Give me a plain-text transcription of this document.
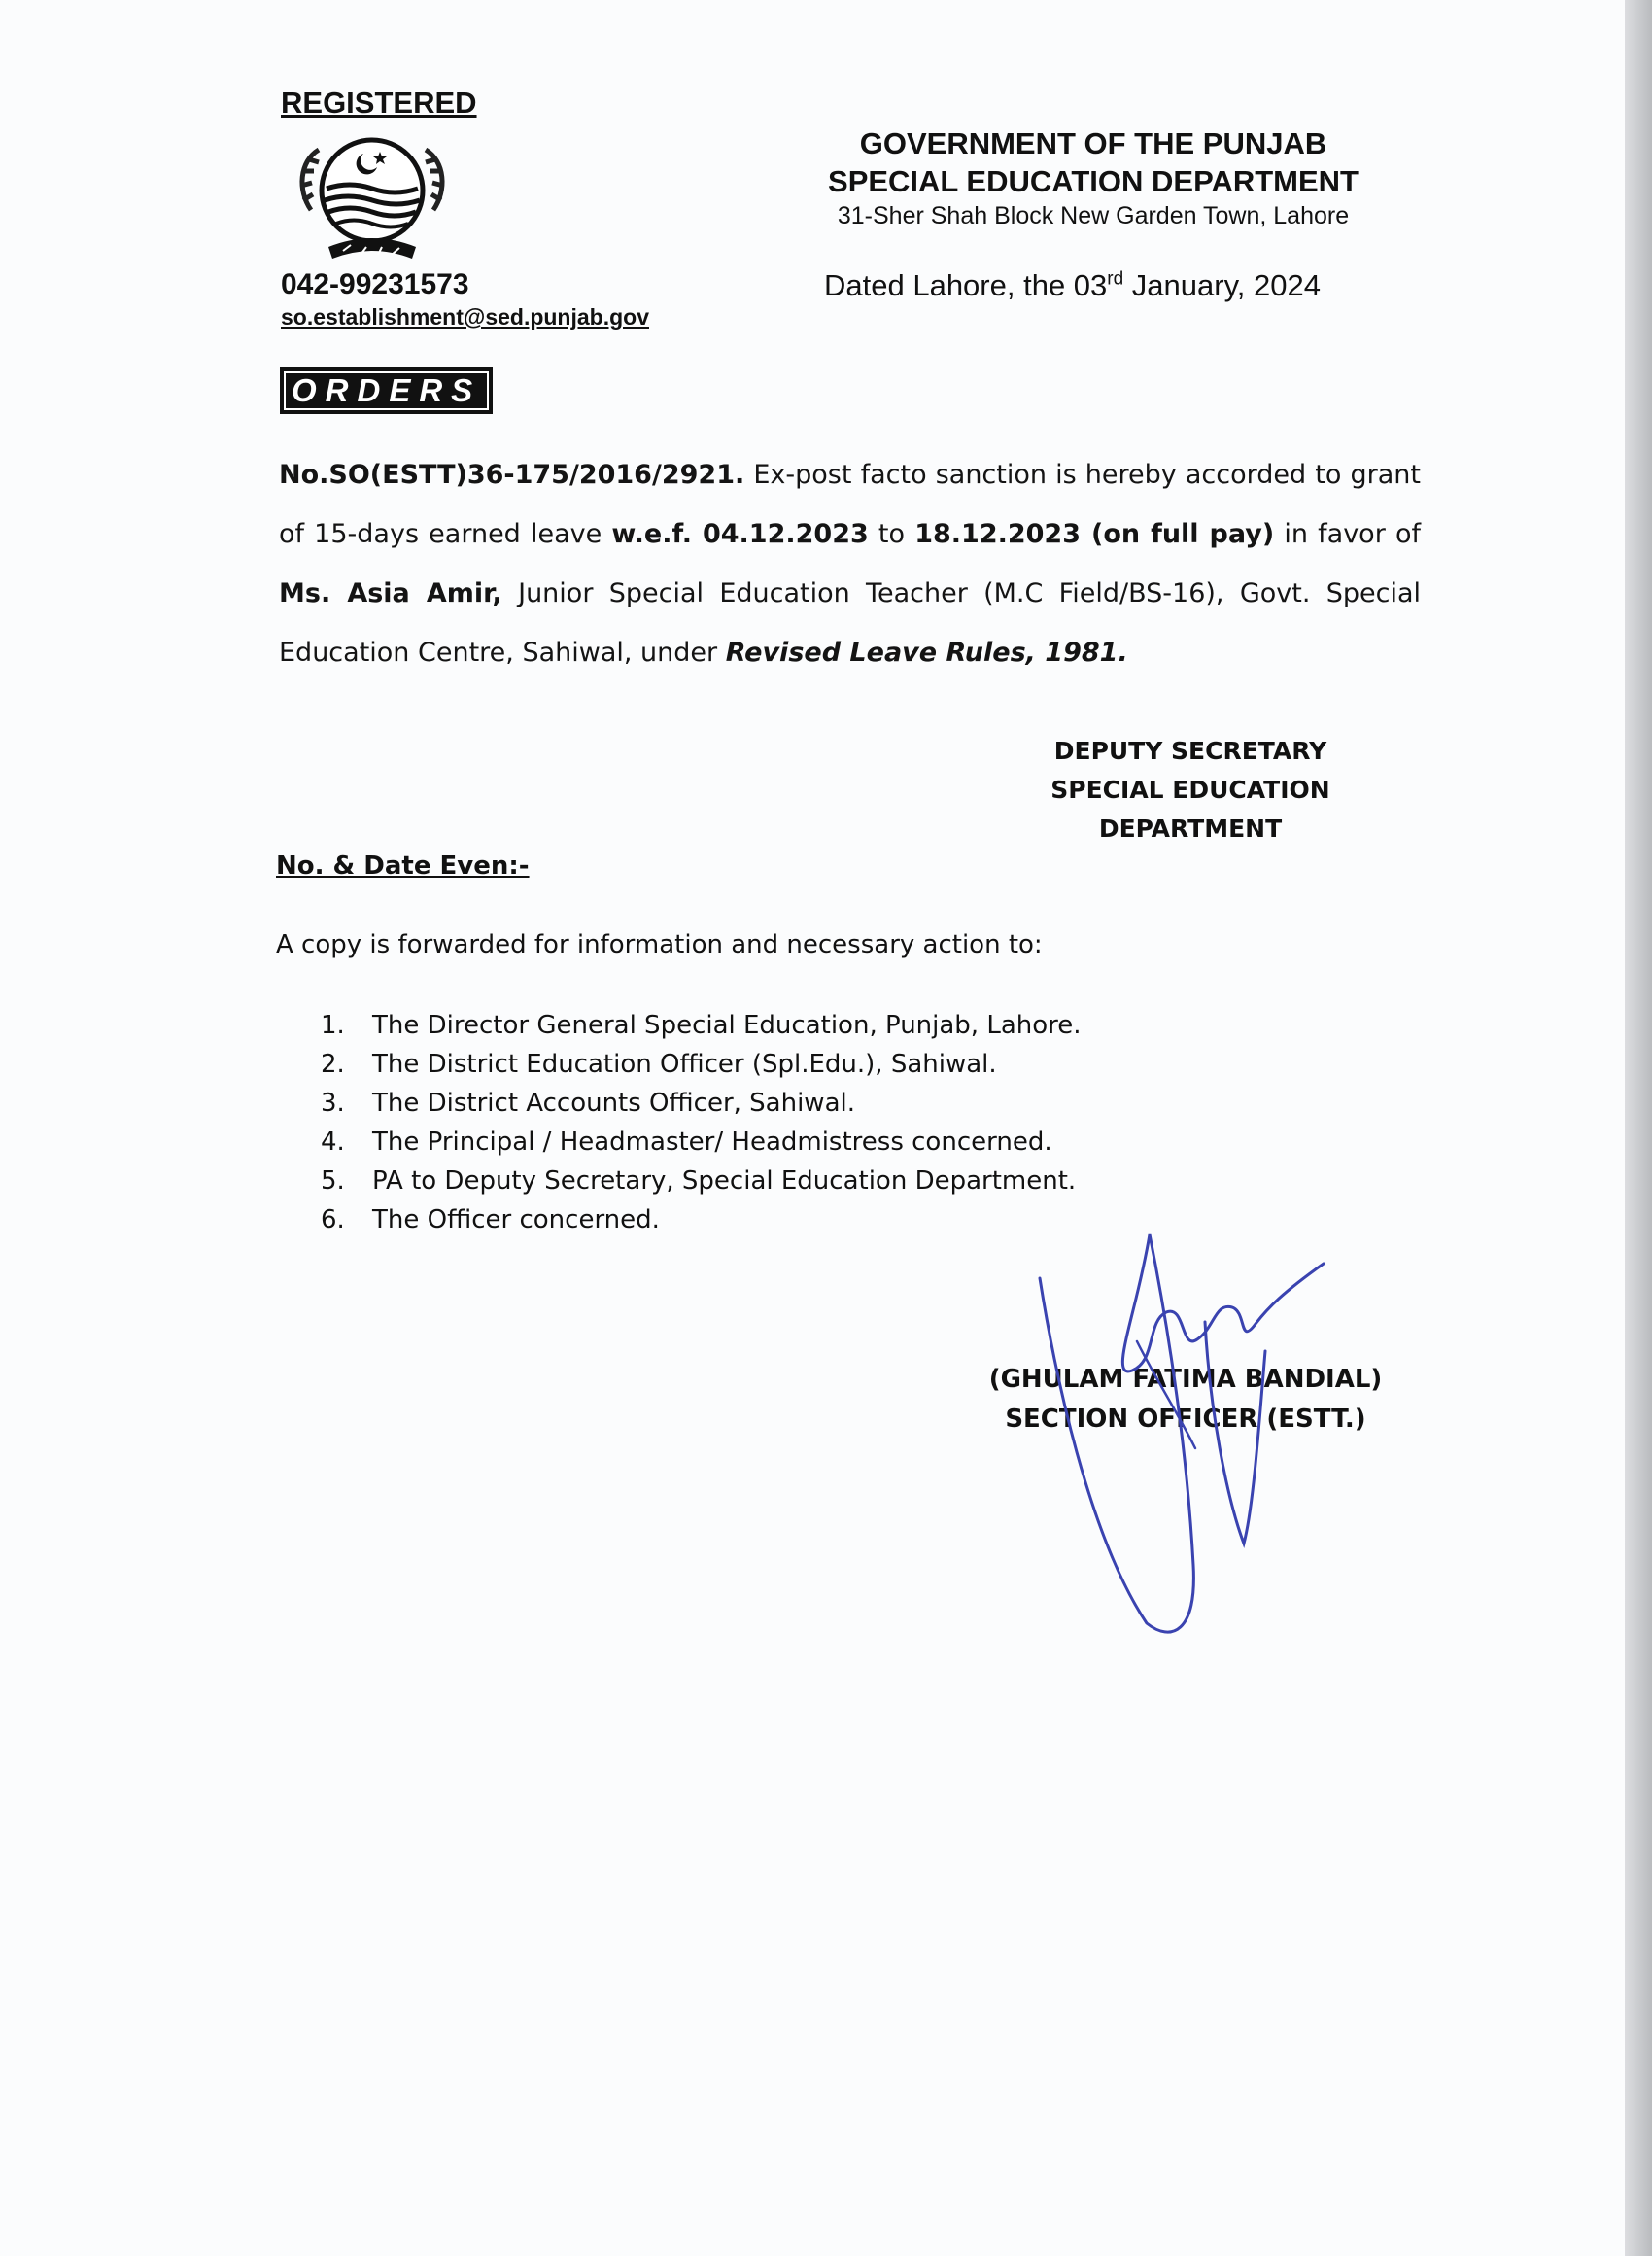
REGISTERED
042-99231573
so.establishment@sed.punjab.gov
GOVERNMENT OF THE PUNJAB
SPECIAL EDUCATION DEPARTMENT
31-Sher Shah Block New Garden Town, Lahore
Dated Lahore, the 03rd January, 2024
ORDERS
No.SO(ESTT)36-175/2016/2921. Ex-post facto sanction is hereby accorded to grant of 15-days earned leave w.e.f. 04.12.2023 to 18.12.2023 (on full pay) in favor of Ms. Asia Amir, Junior Special Education Teacher (M.C Field/BS-16), Govt. Special Education Centre, Sahiwal, under Revised Leave Rules, 1981.
DEPUTY SECRETARY
SPECIAL EDUCATION
DEPARTMENT
No. & Date Even:-
A copy is forwarded for information and necessary action to:
1. The Director General Special Education, Punjab, Lahore.
2. The District Education Officer (Spl.Edu.), Sahiwal.
3. The District Accounts Officer, Sahiwal.
4. The Principal / Headmaster/ Headmistress concerned.
5. PA to Deputy Secretary, Special Education Department.
6. The Officer concerned.
(GHULAM FATIMA BANDIAL)
SECTION OFFICER (ESTT.)
